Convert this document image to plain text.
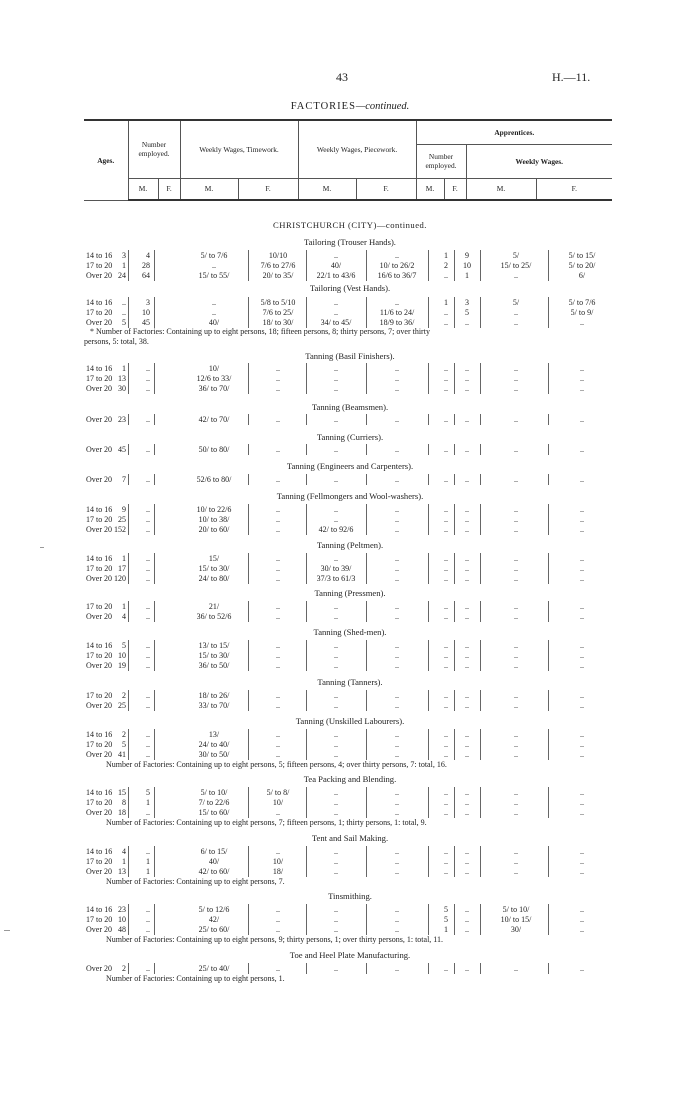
43	H.—11.
FACTORIES—continued.
Ages.	Number employed.		Weekly Wages, Timework.		Weekly Wages, Piecework.		Apprentices.			
							Number employed.		Weekly Wages.	
	M.	F.	M.	F.	M.	F.	M.	F.	M.	F.
CHRISTCHURCH (CITY)—continued.
Tailoring (Trouser Hands).
14 to 16	3	4	5/ to 7/6	10/10	..	..	1	9	5/	5/ to 15/
17 to 20	1	28	..	7/6 to 27/6	40/	10/ to 26/2	2	10	15/ to 25/	5/ to 20/
Over 20 24	64	15/ to 55/	20/ to 35/	22/1 to 43/6	16/6 to 36/7	..	1	..	6/
Tailoring (Vest Hands).
14 to 16	..	3	..	5/8 to 5/10	..	..	1	3	5/	5/ to 7/6
17 to 20	..	10	..	7/6 to 25/	..	11/6 to 24/	..	5	..	5/ to 9/
Over 20	5	45	40/	18/ to 30/	34/ to 45/	18/9 to 36/	..	..	..	..
* Number of Factories: Containing up to eight persons, 18; fifteen persons, 8; thirty persons, 7; over thirty
persons, 5: total, 38.
Tanning (Basil Finishers).
14 to 16	1	..	10/	..	..	..	..	..	..	..
17 to 20 13	..	12/6 to 33/	..	..	..	..	..	..	..
Over 20 30	..	36/ to 70/	..	..	..	..	..	..	..
Tanning (Beamsmen).
Over 20 23	..	42/ to 70/	..	..	..	..	..	..	..
Tanning (Curriers).
Over 20 45	..	50/ to 80/	..	..	..	..	..	..	..
Tanning (Engineers and Carpenters).
Over 20	7	..	52/6 to 80/	..	..	..	..	..	..	..
Tanning (Fellmongers and Wool-washers).
14 to 16	9	..	10/ to 22/6	..	..	..	..	..	..	..
17 to 20 25	..	10/ to 38/	..	..	..	..	..	..	..
Over 20 152	..	20/ to 60/	..	42/ to 92/6	..	..	..	..	..
Tanning (Peltmen).
14 to 16	1	..	15/	..	..	..	..	..	..	..
17 to 20 17	..	15/ to 30/	..	30/ to 39/	..	..	..	..	..
Over 20 120	..	24/ to 80/	..	37/3 to 61/3	..	..	..	..	..
Tanning (Pressmen).
17 to 20	1	..	21/	..	..	..	..	..	..	..
Over 20	4	..	36/ to 52/6	..	..	..	..	..	..	..
Tanning (Shed-men).
14 to 16	5	..	13/ to 15/	..	..	..	..	..	..	..
17 to 20 10	..	15/ to 30/	..	..	..	..	..	..	..
Over 20 19	..	36/ to 50/	..	..	..	..	..	..	..
Tanning (Tanners).
17 to 20	2	..	18/ to 26/	..	..	..	..	..	..	..
Over 20 25	..	33/ to 70/	..	..	..	..	..	..	..
Tanning (Unskilled Labourers).
14 to 16	2	..	13/	..	..	..	..	..	..	..
17 to 20	5	..	24/ to 40/	..	..	..	..	..	..	..
Over 20 41	..	30/ to 50/	..	..	..	..	..	..	..
Number of Factories: Containing up to eight persons, 5; fifteen persons, 4; over thirty persons, 7: total, 16.
Tea Packing and Blending.
14 to 16 15	5	5/ to 10/	5/ to 8/	..	..	..	..	..	..
17 to 20	8	1	7/ to 22/6	10/	..	..	..	..	..	..
Over 20 18	..	15/ to 60/	..	..	..	..	..	..	..
Number of Factories: Containing up to eight persons, 7; fifteen persons, 1; thirty persons, 1: total, 9.
Tent and Sail Making.
14 to 16	4	..	6/ to 15/	..	..	..	..	..	..	..
17 to 20	1	1	40/	10/	..	..	..	..	..	..
Over 20 13	1	42/ to 60/	18/	..	..	..	..	..	..
Number of Factories: Containing up to eight persons, 7.
Tinsmithing.
14 to 16 23	..	5/ to 12/6	..	..	..	5	..	5/ to 10/	..
17 to 20 10	..	42/	..	..	..	5	..	10/ to 15/	..
Over 20 48	..	25/ to 60/	..	..	..	1	..	30/	..
Number of Factories: Containing up to eight persons, 9; thirty persons, 1; over thirty persons, 1: total, 11.
Toe and Heel Plate Manufacturing.
Over 20	2	..	25/ to 40/	..	..	..	..	..	..	..
Number of Factories: Containing up to eight persons, 1.
